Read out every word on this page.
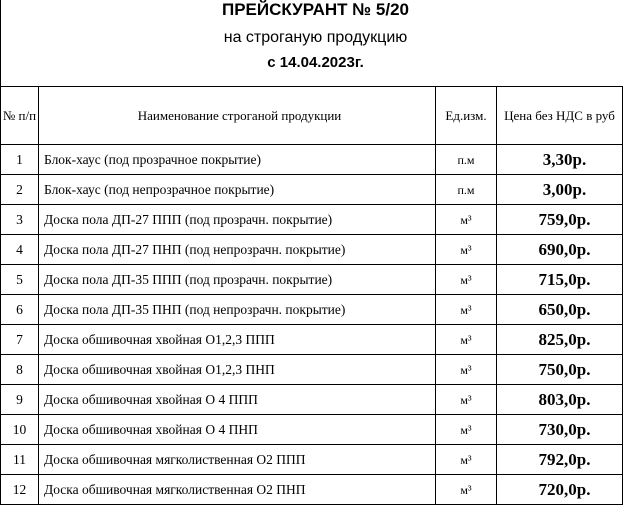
ПРЕЙСКУРАНТ № 5/20
на строганую продукцию
с 14.04.2023г.
№ п/п	Наименование строганой продукции	Ед.изм.	Цена без НДС в руб
1	Блок-хаус (под прозрачное покрытие)	п.м	3,30р.
2	Блок-хаус (под непрозрачное покрытие)	п.м	3,00р.
3	Доска пола ДП-27 ППП (под прозрачн. покрытие)	м³	759,0р.
4	Доска пола ДП-27 ПНП (под непрозрачн. покрытие)	м³	690,0р.
5	Доска пола ДП-35 ППП (под прозрачн. покрытие)	м³	715,0р.
6	Доска пола ДП-35 ПНП (под непрозрачн. покрытие)	м³	650,0р.
7	Доска обшивочная хвойная О1,2,3 ППП	м³	825,0р.
8	Доска обшивочная хвойная О1,2,3 ПНП	м³	750,0р.
9	Доска обшивочная хвойная О 4 ППП	м³	803,0р.
10	Доска обшивочная хвойная О 4 ПНП	м³	730,0р.
11	Доска обшивочная мягколиственная О2 ППП	м³	792,0р.
12	Доска обшивочная мягколиственная О2 ПНП	м³	720,0р.
